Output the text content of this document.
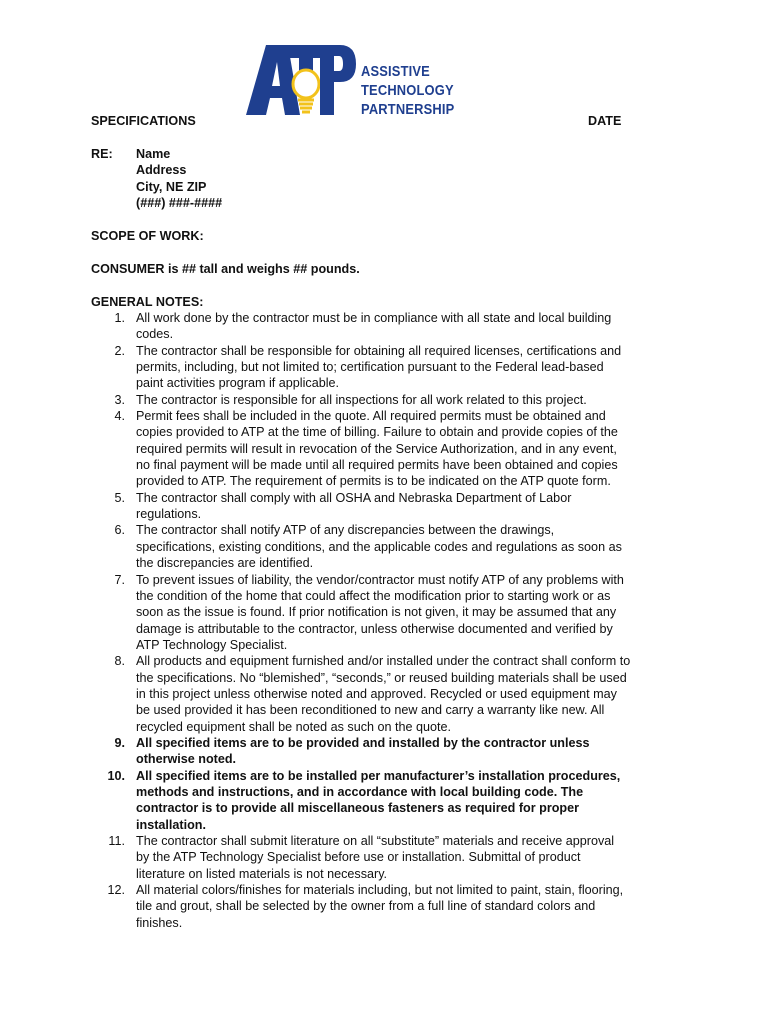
ASSISTIVE TECHNOLOGY
PARTNERSHIP
SPECIFICATIONS	DATE
RE: Name
Address
City, NE ZIP
(###) ###-####
SCOPE OF WORK:
CONSUMER is ## tall and weighs ## pounds.
GENERAL NOTES:
1. All work done by the contractor must be in compliance with all state and local building
codes.
2. The contractor shall be responsible for obtaining all required licenses, certifications and
permits, including, but not limited to; certification pursuant to the Federal lead-based
paint activities program if applicable.
3. The contractor is responsible for all inspections for all work related to this project.
4. Permit fees shall be included in the quote. All required permits must be obtained and
copies provided to ATP at the time of billing. Failure to obtain and provide copies of the
required permits will result in revocation of the Service Authorization, and in any event,
no final payment will be made until all required permits have been obtained and copies
provided to ATP. The requirement of permits is to be indicated on the ATP quote form.
5. The contractor shall comply with all OSHA and Nebraska Department of Labor
regulations.
6. The contractor shall notify ATP of any discrepancies between the drawings,
specifications, existing conditions, and the applicable codes and regulations as soon as
the discrepancies are identified.
7. To prevent issues of liability, the vendor/contractor must notify ATP of any problems with
the condition of the home that could affect the modification prior to starting work or as
soon as the issue is found. If prior notification is not given, it may be assumed that any
damage is attributable to the contractor, unless otherwise documented and verified by
ATP Technology Specialist.
8. All products and equipment furnished and/or installed under the contract shall conform to
the specifications. No “blemished”, “seconds,” or reused building materials shall be used
in this project unless otherwise noted and approved. Recycled or used equipment may
be used provided it has been reconditioned to new and carry a warranty like new. All
recycled equipment shall be noted as such on the quote.
9. All specified items are to be provided and installed by the contractor unless
otherwise noted.
10. All specified items are to be installed per manufacturer’s installation procedures,
methods and instructions, and in accordance with local building code. The
contractor is to provide all miscellaneous fasteners as required for proper
installation.
11. The contractor shall submit literature on all “substitute” materials and receive approval
by the ATP Technology Specialist before use or installation. Submittal of product
literature on listed materials is not necessary.
12. All material colors/finishes for materials including, but not limited to paint, stain, flooring,
tile and grout, shall be selected by the owner from a full line of standard colors and
finishes.
